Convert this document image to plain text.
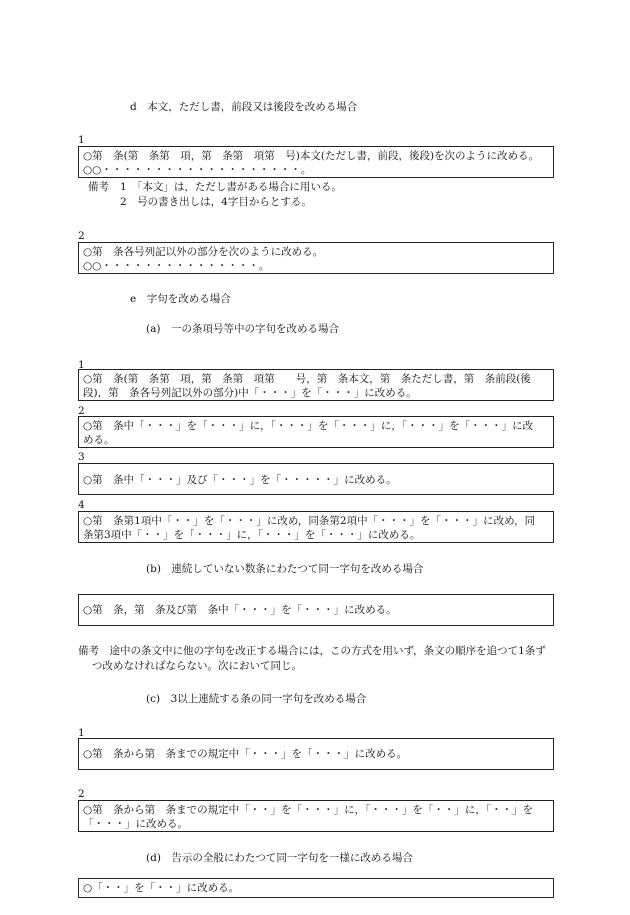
d　本文，ただし書，前段又は後段を改める場合
1
○第　条(第　条第　項，第　条第　項第　号)本文(ただし書，前段，後段)を次のように改める。
○○・・・・・・・・・・・・・・・・・・・。
備考 1　「本文」は，ただし書がある場合に用いる。
2　号の書き出しは，4字目からとする。
2
○第　条各号列記以外の部分を次のように改める。
○○・・・・・・・・・・・・・・・。
e　字句を改める場合
(a)　一の条項号等中の字句を改める場合
1
○第　条(第　条第　項，第　条第　項第　　号，第　条本文，第　条ただし書，第　条前段(後
段)，第　条各号列記以外の部分)中「・・・」を「・・・」に改める。
2
○第　条中「・・・」を「・・・」に，「・・・」を「・・・」に，「・・・」を「・・・」に改
める。
3
○第　条中「・・・」及び「・・・」を「・・・・・」に改める。
4
○第　条第1項中「・・」を「・・・」に改め，同条第2項中「・・・」を「・・・」に改め，同
条第3項中「・・」を「・・・」に，「・・・」を「・・・」に改める。
(b)　連続していない数条にわたつて同一字句を改める場合
○第　条，第　条及び第　条中「・・・」を「・・・」に改める。
備考　途中の条文中に他の字句を改正する場合には，この方式を用いず，条文の順序を追つて1条ず
つ改めなければならない。次において同じ。
(c)　3以上連続する条の同一字句を改める場合
1
○第　条から第　条までの規定中「・・・」を「・・・」に改める。
2
○第　条から第　条までの規定中「・・」を「・・・」に，「・・・」を「・・」に，「・・」を
「・・・」に改める。
(d)　告示の全般にわたつて同一字句を一様に改める場合
○「・・」を「・・」に改める。
